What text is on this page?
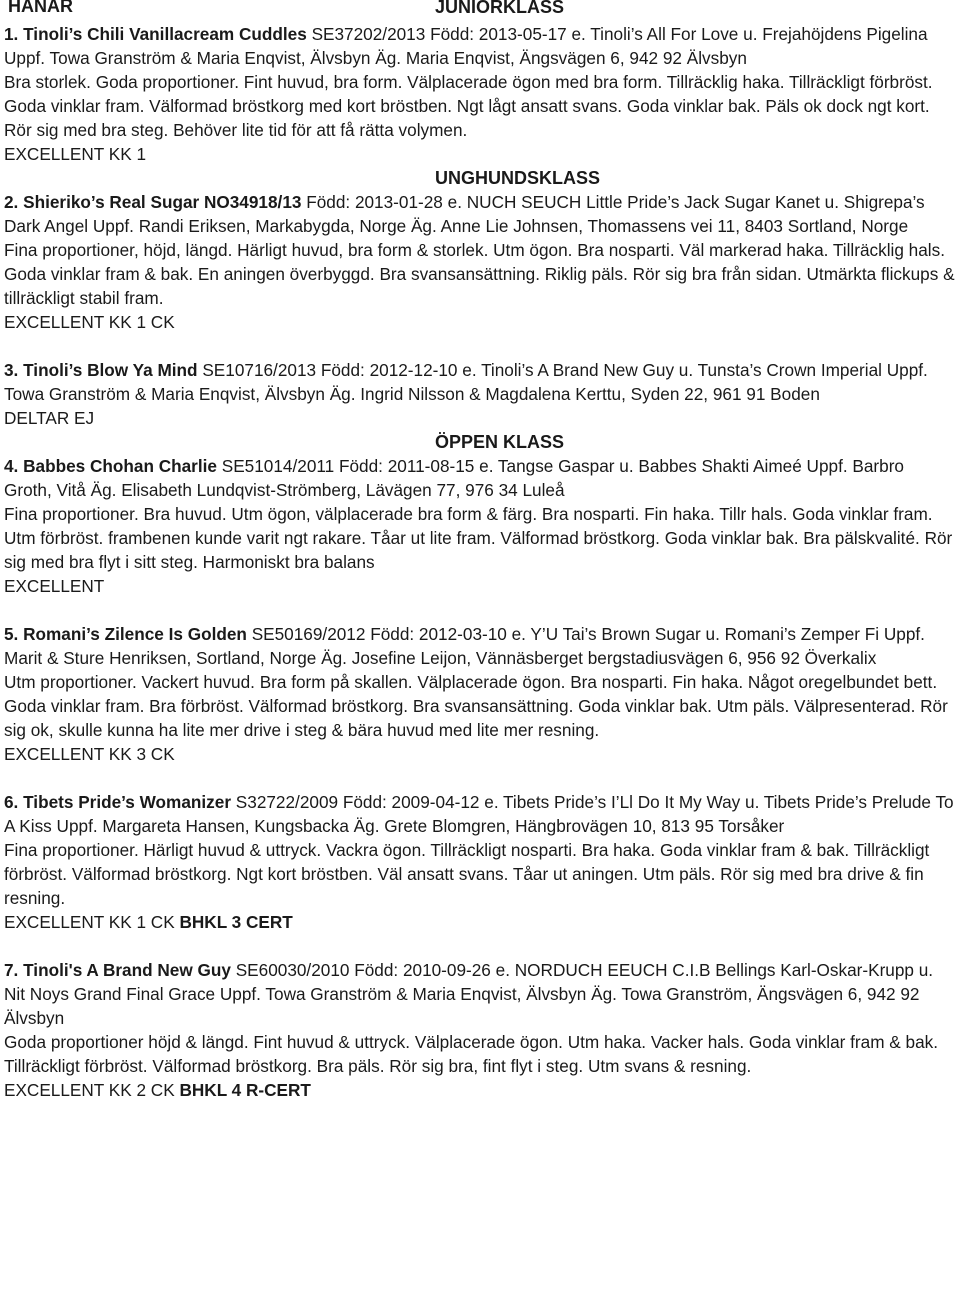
HANAR	JUNIORKLASS

1. Tinoli’s Chili Vanillacream Cuddles SE37202/2013 Född: 2013-05-17 e. Tinoli’s All For Love u. Frejahöjdens Pigelina Uppf. Towa Granström & Maria Enqvist, Älvsbyn Äg. Maria Enqvist, Ängsvägen 6, 942 92 Älvsbyn

Bra storlek. Goda proportioner. Fint huvud, bra form. Välplacerade ögon med bra form. Tillräcklig haka. Tillräckligt förbröst. Goda vinklar fram. Välformad bröstkorg med kort bröstben. Ngt lågt ansatt svans. Goda vinklar bak. Päls ok dock ngt kort. Rör sig med bra steg. Behöver lite tid för att få rätta volymen.

EXCELLENT KK 1

UNGHUNDSKLASS

2. Shieriko’s Real Sugar NO34918/13 Född: 2013-01-28 e. NUCH SEUCH Little Pride’s Jack Sugar Kanet u. Shigrepa’s Dark Angel Uppf. Randi Eriksen, Markabygda, Norge Äg. Anne Lie Johnsen, Thomassens vei 11, 8403 Sortland, Norge

Fina proportioner, höjd, längd. Härligt huvud, bra form & storlek. Utm ögon. Bra nosparti. Väl markerad haka. Tillräcklig hals. Goda vinklar fram & bak. En aningen överbyggd. Bra svansansättning. Riklig päls. Rör sig bra från sidan. Utmärkta flickups & tillräckligt stabil fram.

EXCELLENT KK 1 CK

3. Tinoli’s Blow Ya Mind SE10716/2013 Född: 2012-12-10 e. Tinoli’s A Brand New Guy u. Tunsta’s Crown Imperial Uppf. Towa Granström & Maria Enqvist, Älvsbyn Äg. Ingrid Nilsson & Magdalena Kerttu, Syden 22, 961 91 Boden

DELTAR EJ

ÖPPEN KLASS

4. Babbes Chohan Charlie SE51014/2011 Född: 2011-08-15 e. Tangse Gaspar u. Babbes Shakti Aimeé Uppf. Barbro Groth, Vitå Äg. Elisabeth Lundqvist-Strömberg, Lävägen 77, 976 34 Luleå

Fina proportioner. Bra huvud. Utm ögon, välplacerade bra form & färg. Bra nosparti. Fin haka. Tillr hals. Goda vinklar fram. Utm förbröst. frambenen kunde varit ngt rakare. Tåar ut lite fram. Välformad bröstkorg. Goda vinklar bak. Bra pälskvalité. Rör sig med bra flyt i sitt steg. Harmoniskt bra balans

EXCELLENT

5. Romani’s Zilence Is Golden SE50169/2012 Född: 2012-03-10 e. Y’U Tai’s Brown Sugar u. Romani’s Zemper Fi Uppf. Marit & Sture Henriksen, Sortland, Norge Äg. Josefine Leijon, Vännäsberget bergstadiusvägen 6, 956 92 Överkalix

Utm proportioner. Vackert huvud. Bra form på skallen. Välplacerade ögon. Bra nosparti. Fin haka. Något oregelbundet bett. Goda vinklar fram. Bra förbröst. Välformad bröstkorg. Bra svansansättning. Goda vinklar bak. Utm päls. Välpresenterad. Rör sig ok, skulle kunna ha lite mer drive i steg & bära huvud med lite mer resning.

EXCELLENT KK 3 CK

6. Tibets Pride’s Womanizer S32722/2009 Född: 2009-04-12 e. Tibets Pride’s I’Ll Do It My Way u. Tibets Pride’s Prelude To A Kiss Uppf. Margareta Hansen, Kungsbacka Äg. Grete Blomgren, Hängbrovägen 10, 813 95 Torsåker

Fina proportioner. Härligt huvud & uttryck. Vackra ögon. Tillräckligt nosparti. Bra haka. Goda vinklar fram & bak. Tillräckligt förbröst. Välformad bröstkorg. Ngt kort bröstben. Väl ansatt svans. Tåar ut aningen. Utm päls. Rör sig med bra drive & fin resning.

EXCELLENT KK 1 CK BHKL 3 CERT

7. Tinoli's A Brand New Guy SE60030/2010 Född: 2010-09-26 e. NORDUCH EEUCH C.I.B Bellings Karl-Oskar-Krupp u. Nit Noys Grand Final Grace Uppf. Towa Granström & Maria Enqvist, Älvsbyn Äg. Towa Granström, Ängsvägen 6, 942 92 Älvsbyn

Goda proportioner höjd & längd. Fint huvud & uttryck. Välplacerade ögon. Utm haka. Vacker hals. Goda vinklar fram & bak. Tillräckligt förbröst. Välformad bröstkorg. Bra päls. Rör sig bra, fint flyt i steg. Utm svans & resning.

EXCELLENT KK 2 CK BHKL 4 R-CERT
